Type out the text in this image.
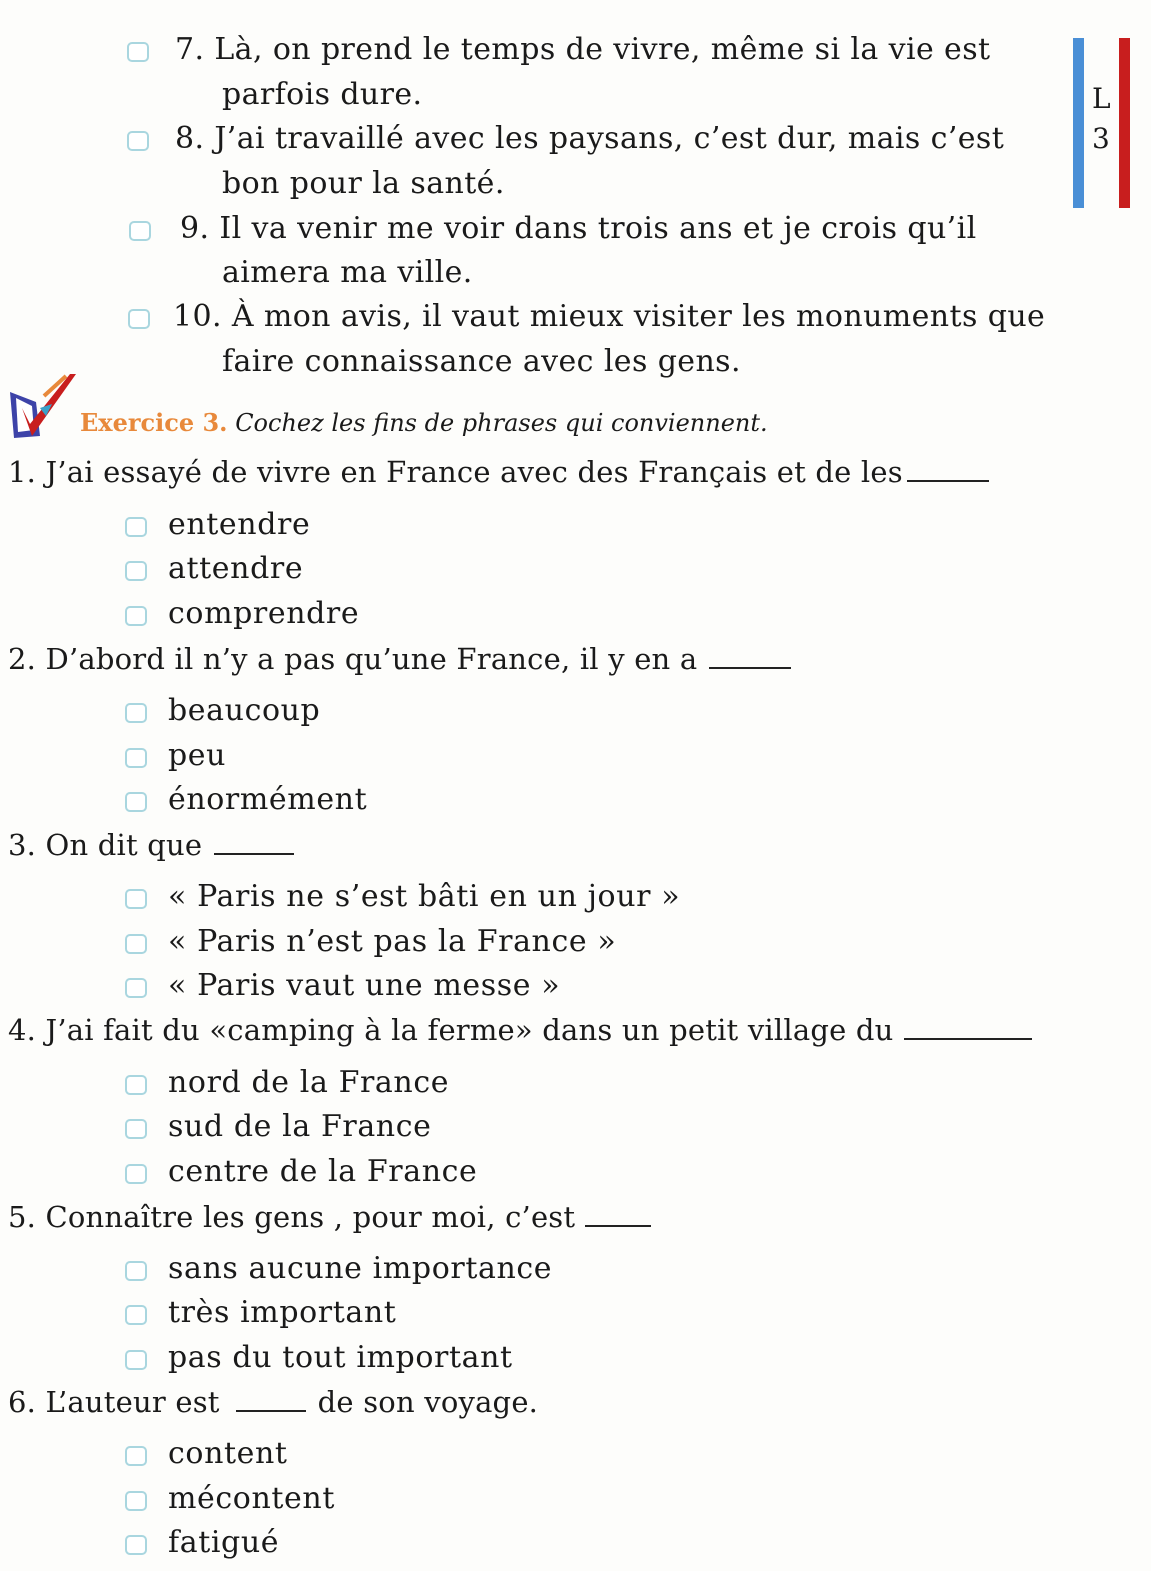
7. Là, on prend le temps de vivre, même si la vie est
parfois dure.
8. J’ai travaillé avec les paysans, c’est dur, mais c’est
bon pour la santé.
9. Il va venir me voir dans trois ans et je crois qu’il
aimera ma ville.
10. À mon avis, il vaut mieux visiter les monuments que
faire connaissance avec les gens.
L
3
Exercice 3. Cochez les fins de phrases qui conviennent.
1. J’ai essayé de vivre en France avec des Français et de les
entendre
attendre
comprendre
2. D’abord il n’y a pas qu’une France, il y en a
beaucoup
peu
énormément
3. On dit que
« Paris ne s’est bâti en un jour »
« Paris n’est pas la France »
« Paris vaut une messe »
4. J’ai fait du «camping à la ferme» dans un petit village du
nord de la France
sud de la France
centre de la France
5. Connaître les gens , pour moi, c’est
sans aucune importance
très important
pas du tout important
6. L’auteur est	de son voyage.
content
mécontent
fatigué
